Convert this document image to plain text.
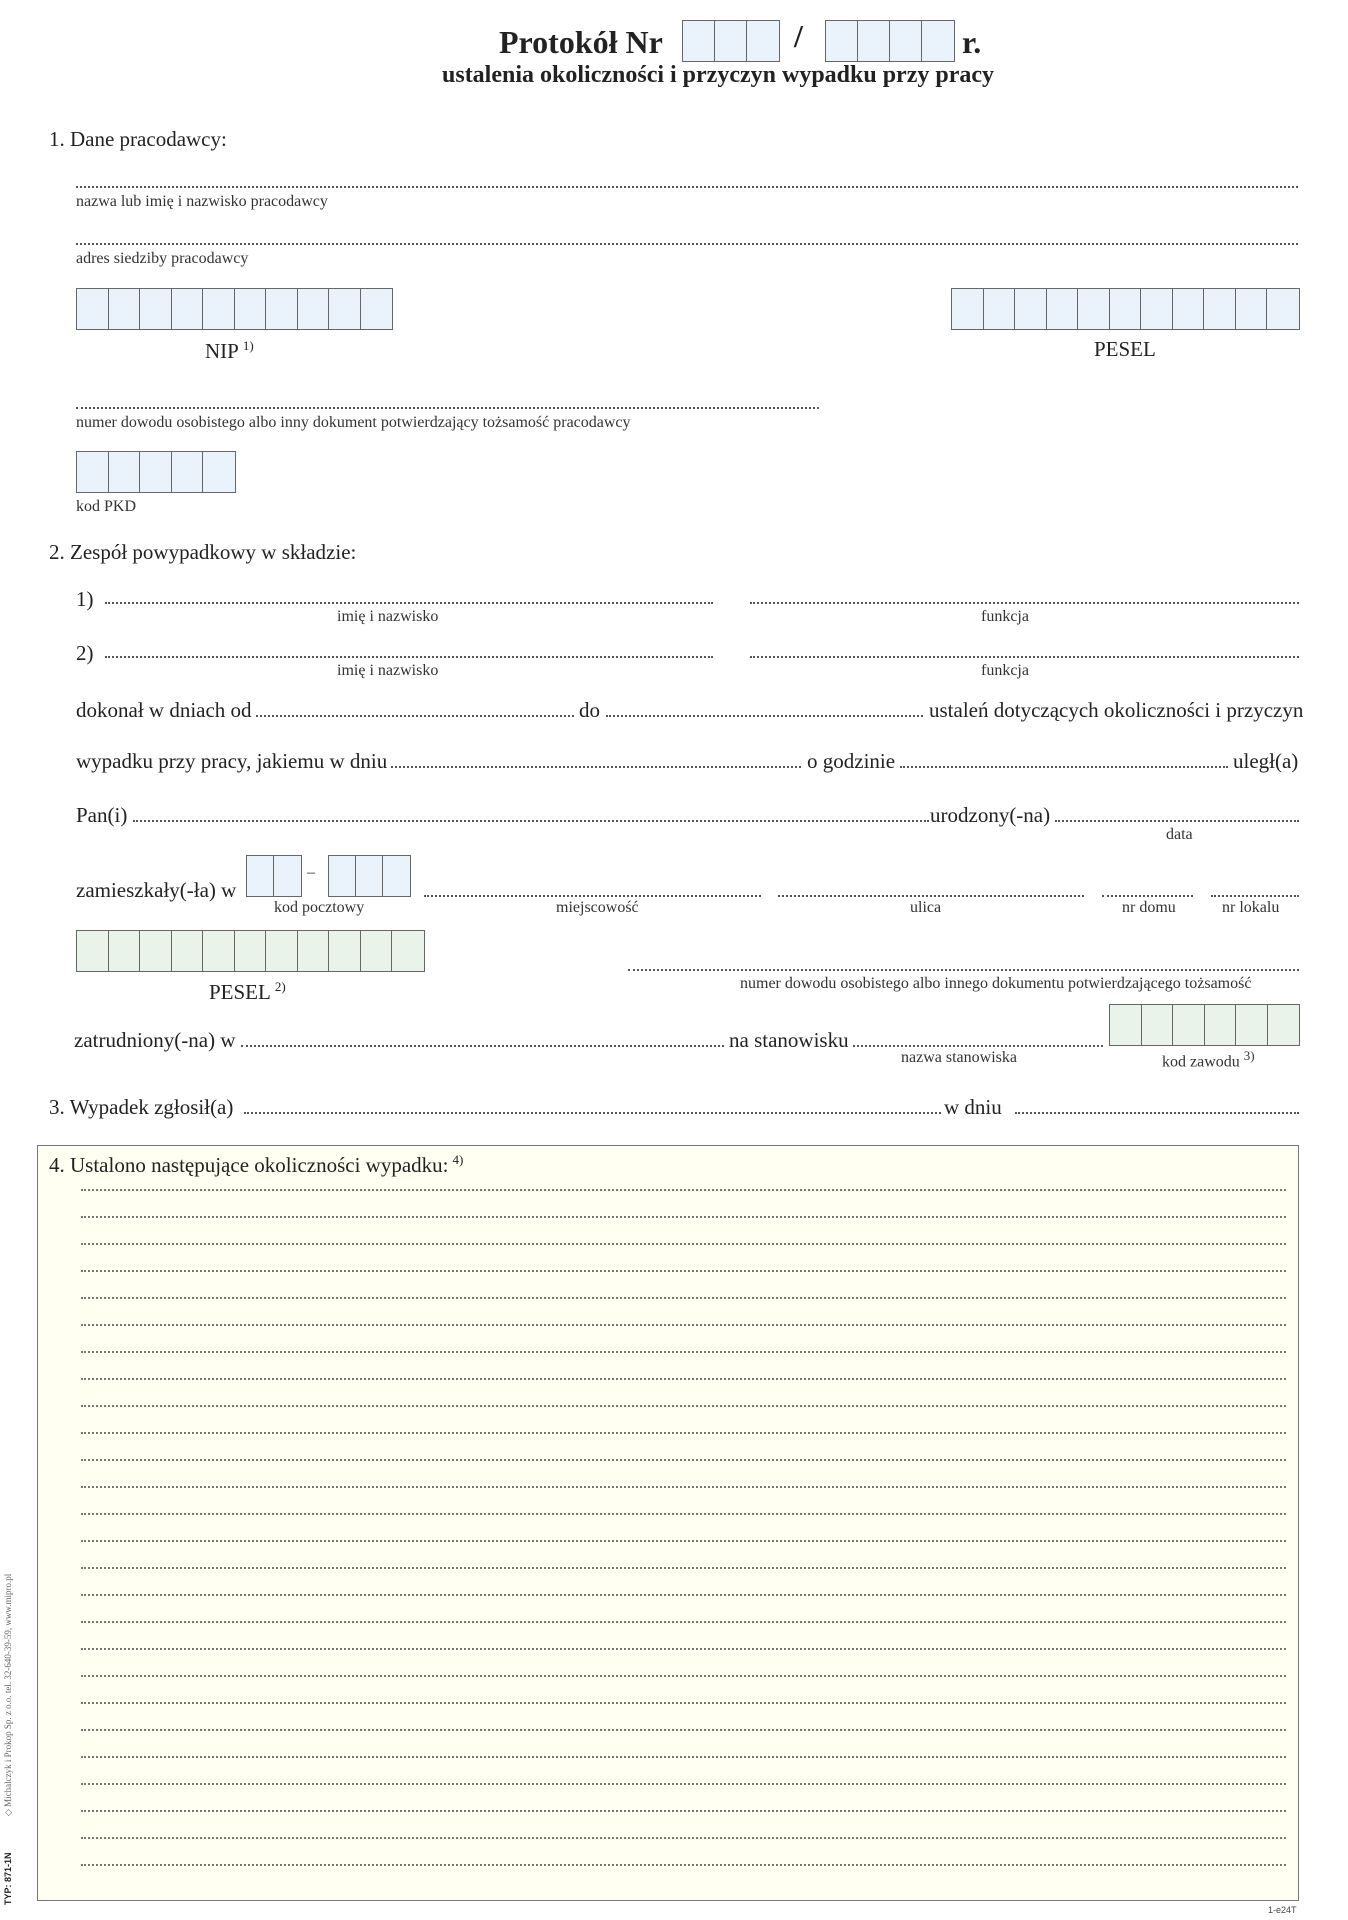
Protokół Nr	/	r.
ustalenia okoliczności i przyczyn wypadku przy pracy
1. Dane pracodawcy:
nazwa lub imię i nazwisko pracodawcy
adres siedziby pracodawcy
NIP $^{1)}$	PESEL
numer dowodu osobistego albo inny dokument potwierdzający tożsamość pracodawcy
kod PKD
2. Zespół powypadkowy w składzie:
1)
imię i nazwisko	funkcja
2)
imię i nazwisko	funkcja
dokonał w dniach od	do	ustaleń dotyczących okoliczności i przyczyn
wypadku przy pracy, jakiemu w dniu	o godzinie	uległ(a)
Pan(i)	urodzony(-na)
data
zamieszkały(-ła) w
–
kod pocztowy	miejscowość	ulica	nr domu	nr lokalu
PESEL $^{2)}$	numer dowodu osobistego albo innego dokumentu potwierdzającego tożsamość
zatrudniony(-na) w	na stanowisku
nazwa stanowiska	kod zawodu $^{3)}$
3. Wypadek zgłosił(a)	w dniu
4. Ustalono następujące okoliczności wypadku: $^{4)}$
TYP: 871-1N
◇ Michalczyk i Prokop Sp. z o.o. tel. 32-640-39-59, www.mipro.pl
1-e24T
